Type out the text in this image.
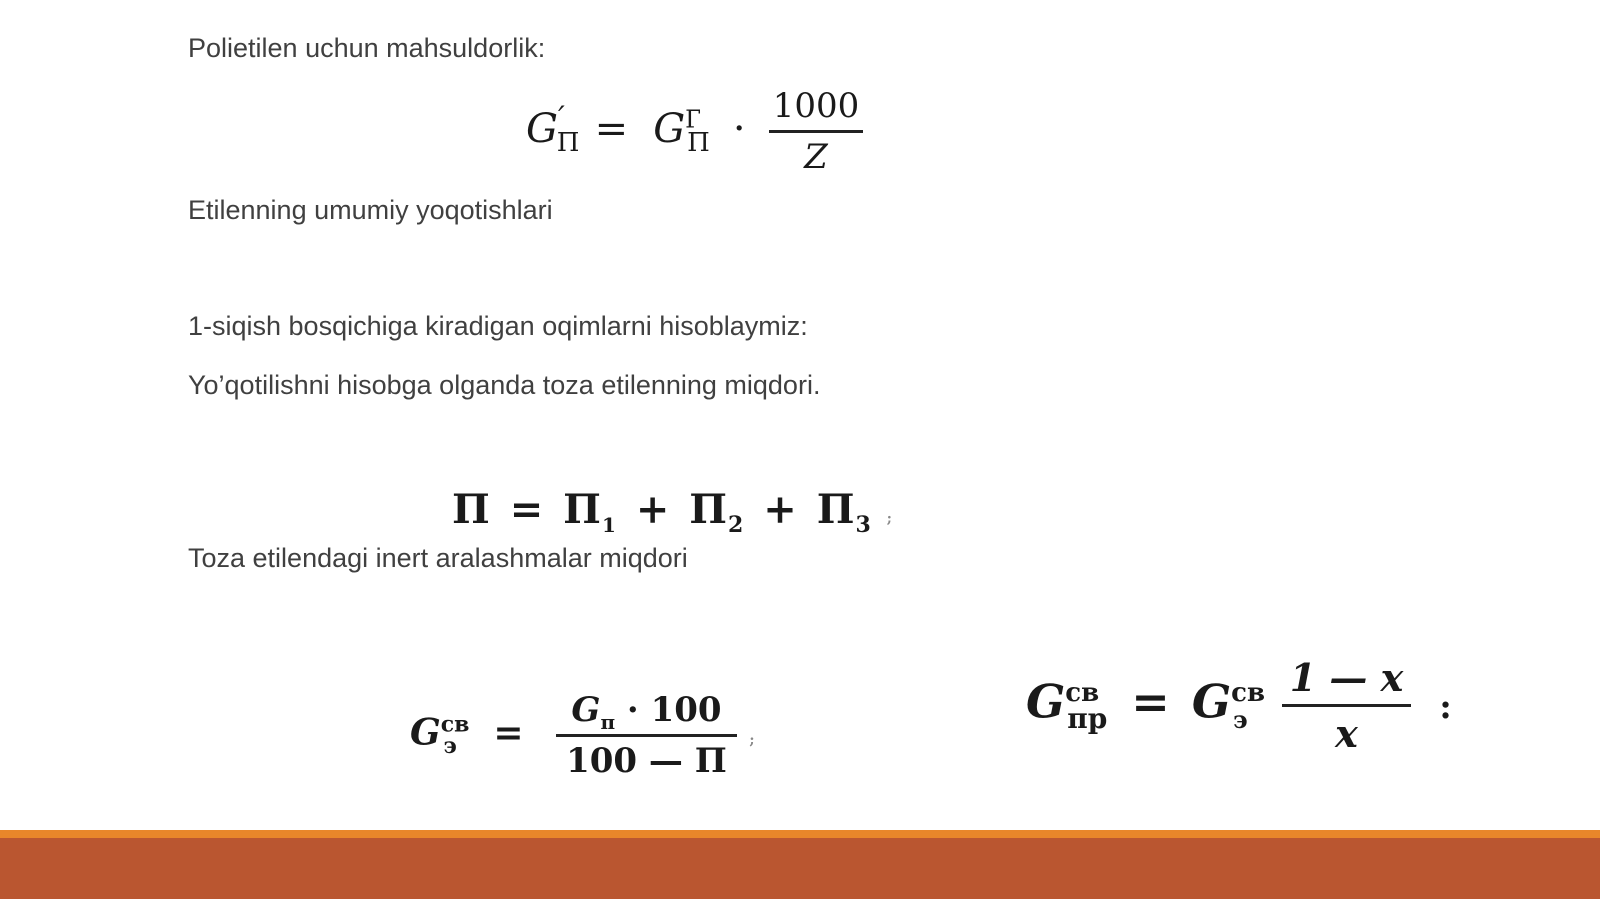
Polietilen uchun mahsuldorlik:
$G'_П = G^Г_П \cdot \frac{1000}{Z}$
Etilenning umumiy yoqotishlari
1-siqish bosqichiga kiradigan oqimlarni hisoblaymiz:
Yo’qotilishni hisobga olganda toza etilenning miqdori.
$П = П_1 + П_2 + П_3$ ;
Toza etilendagi inert aralashmalar miqdori
$G^{св}_э = \frac{G_п \cdot 100}{100 — П}$ ;
$G^{св}_{пр} = G^{св}_э \frac{1 — x}{x}$ :
